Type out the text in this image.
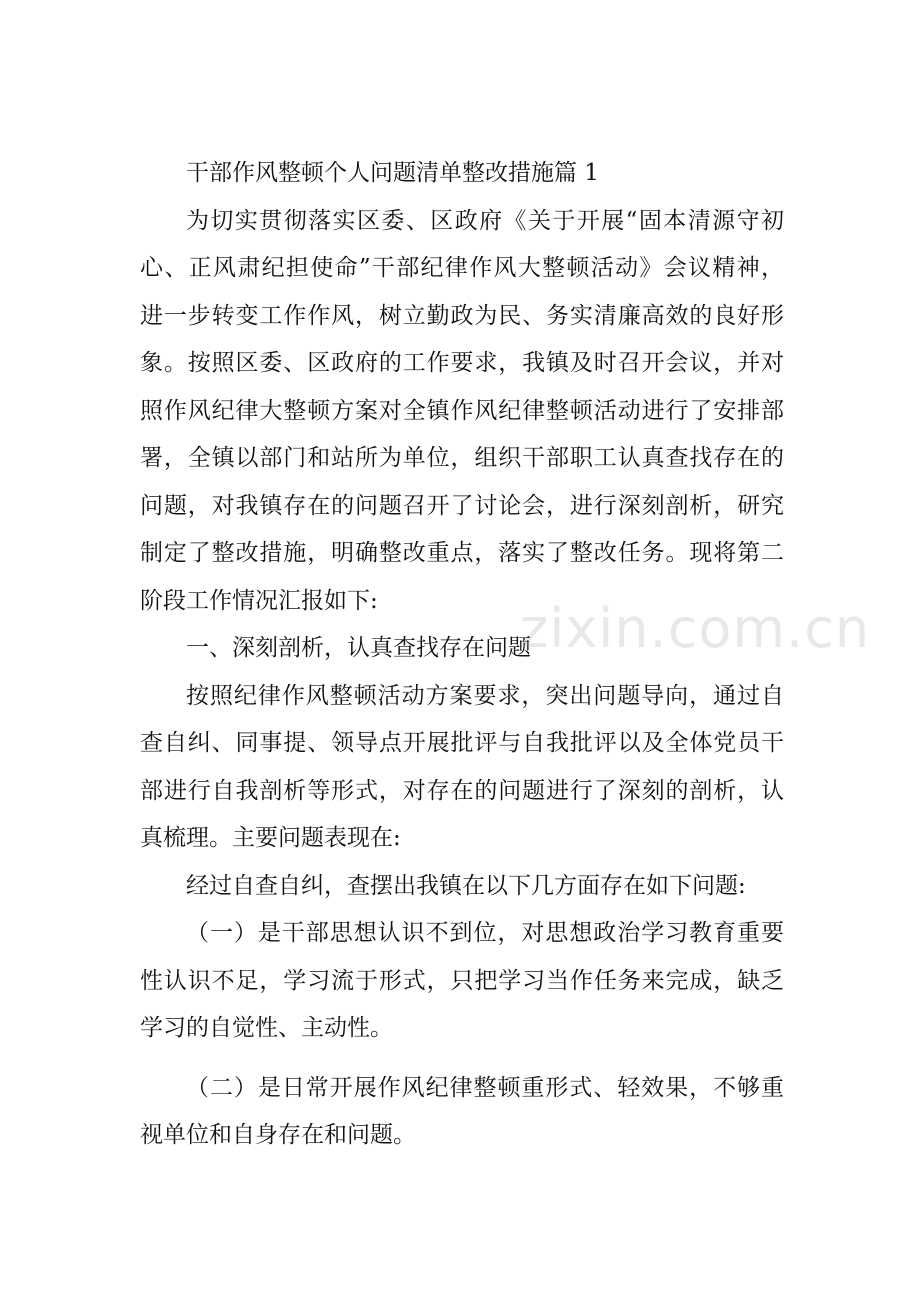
干部作风整顿个人问题清单整改措施篇 1
为切实贯彻落实区委、区政府《关于开展“固本清源守初
心、正风肃纪担使命”干部纪律作风大整顿活动》会议精神，
进一步转变工作作风，树立勤政为民、务实清廉高效的良好形
象。按照区委、区政府的工作要求，我镇及时召开会议，并对
照作风纪律大整顿方案对全镇作风纪律整顿活动进行了安排部
署，全镇以部门和站所为单位，组织干部职工认真查找存在的
问题，对我镇存在的问题召开了讨论会，进行深刻剖析，研究
制定了整改措施，明确整改重点，落实了整改任务。现将第二
阶段工作情况汇报如下:
一、深刻剖析，认真查找存在问题
按照纪律作风整顿活动方案要求，突出问题导向，通过自
查自纠、同事提、领导点开展批评与自我批评以及全体党员干
部进行自我剖析等形式，对存在的问题进行了深刻的剖析，认
真梳理。主要问题表现在:
经过自查自纠，查摆出我镇在以下几方面存在如下问题:
（一）是干部思想认识不到位，对思想政治学习教育重要
性认识不足，学习流于形式，只把学习当作任务来完成，缺乏
学习的自觉性、主动性。
（二）是日常开展作风纪律整顿重形式、轻效果，不够重
视单位和自身存在和问题。
zixin.com.cn
